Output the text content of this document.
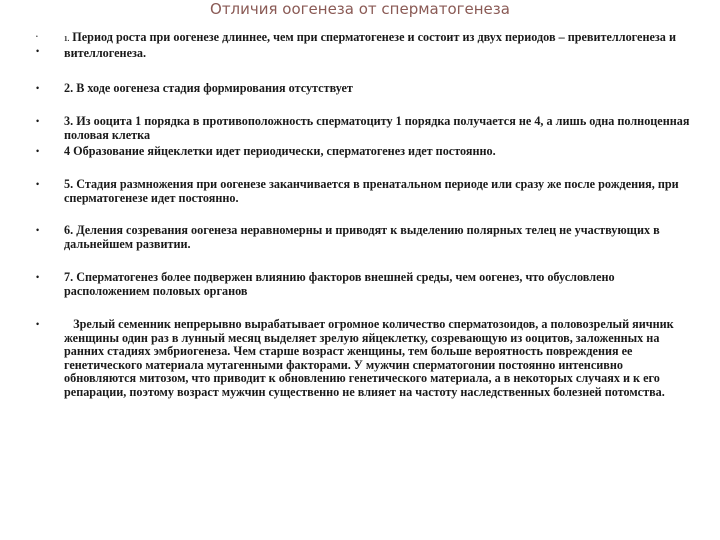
Отличия оогенеза от сперматогенеза
•
•
1. Период роста при оогенезе длиннее, чем при сперматогенезе и состоит из двух периодов – превителлогенеза и вителлогенеза.
• 2. В ходе оогенеза стадия формирования отсутствует
• 3. Из ооцита 1 порядка в противоположность сперматоциту 1 порядка получается не 4, а лишь одна полноценная половая клетка
• 4 Образование яйцеклетки идет периодически, сперматогенез идет постоянно.
• 5. Стадия размножения при оогенезе заканчивается в пренатальном периоде или сразу же после рождения, при сперматогенезе идет постоянно.
• 6. Деления созревания оогенеза неравномерны и приводят к выделению полярных телец не участвующих в дальнейшем развитии.
• 7. Сперматогенез более подвержен влиянию факторов внешней среды, чем оогенез, что обусловлено расположением половых органов
• Зрелый семенник непрерывно вырабатывает огромное количество сперматозоидов, а половозрелый яичник женщины один раз в лунный месяц выделяет зрелую яйцеклетку, созревающую из ооцитов, заложенных на ранних стадиях эмбриогенеза. Чем старше возраст женщины, тем больше вероятность повреждения ее генетического материала мутагенными факторами. У мужчин сперматогонии постоянно интенсивно обновляются митозом, что приводит к обновлению генетического материала, а в некоторых случаях и к его репарации, поэтому возраст мужчин существенно не влияет на частоту наследственных болезней потомства.
